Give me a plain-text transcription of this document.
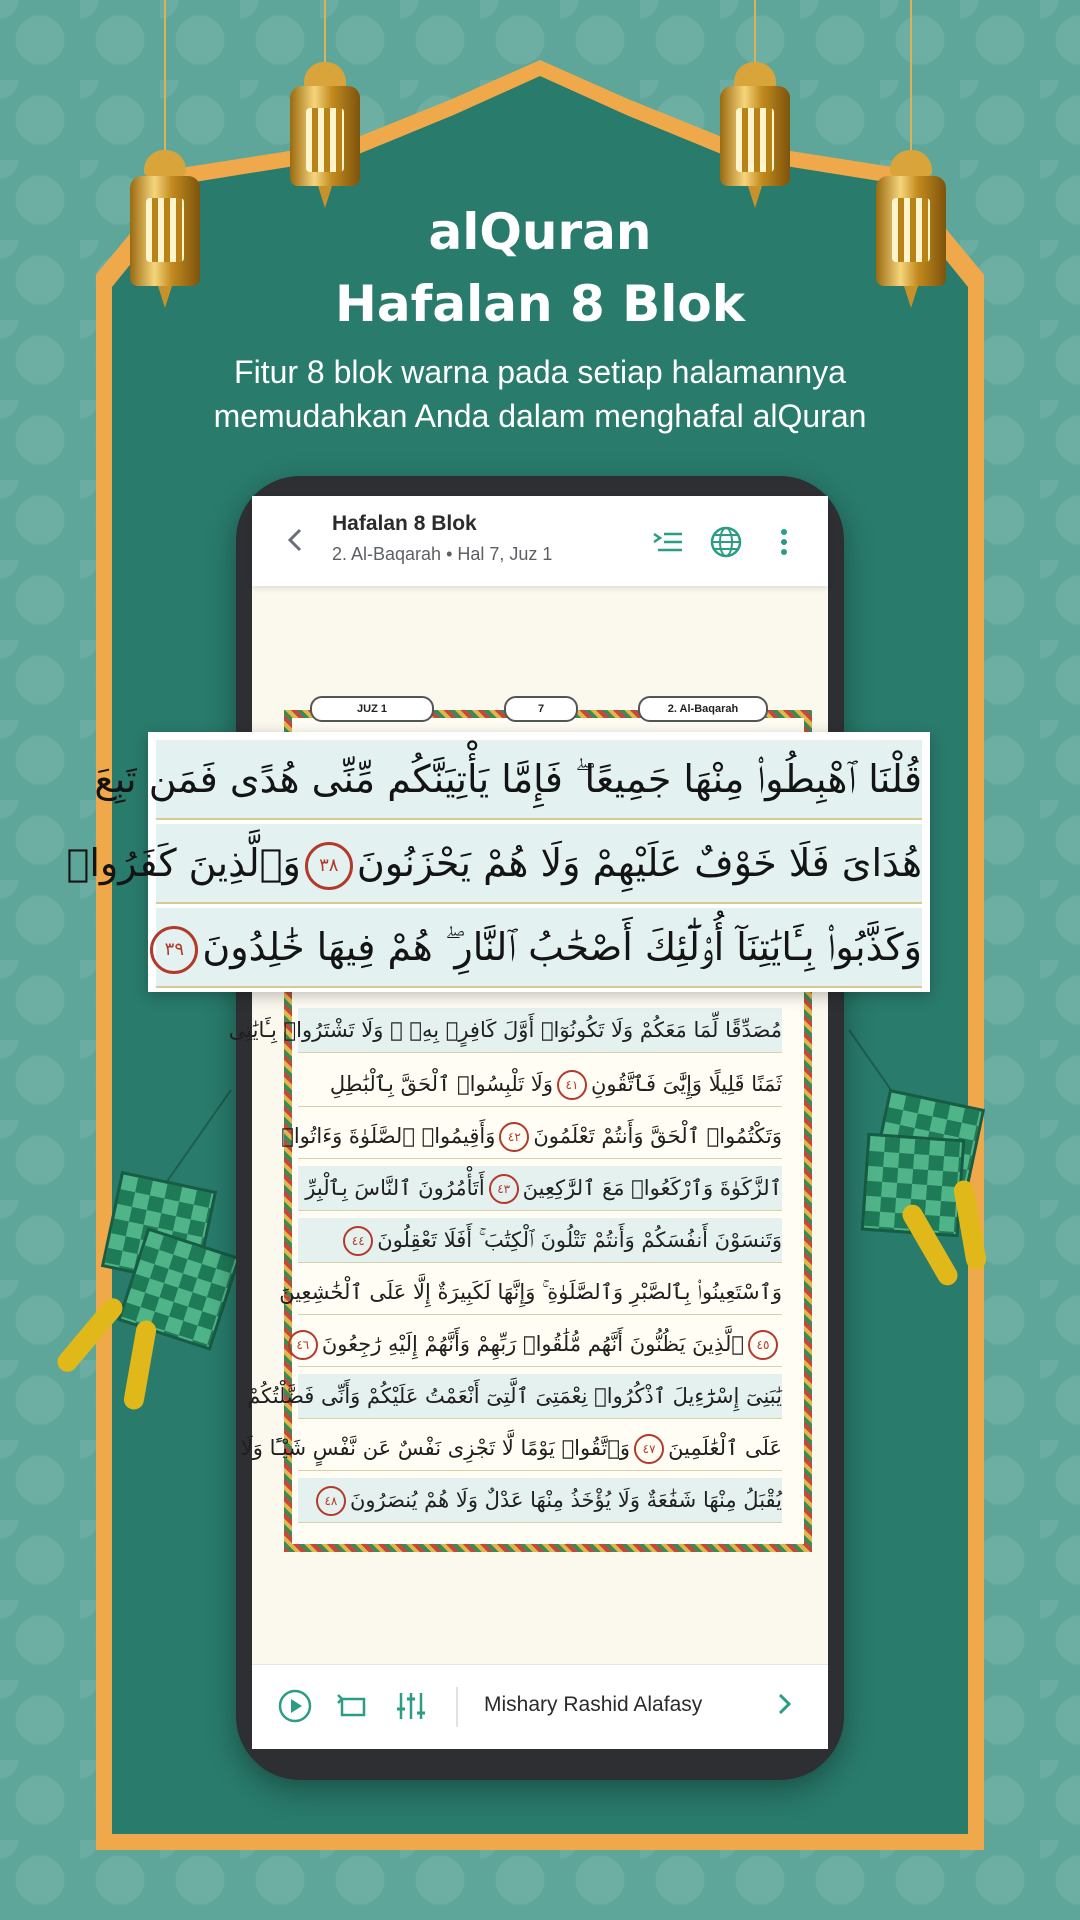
alQuran
Hafalan 8 Blok
Fitur 8 blok warna pada setiap halamannya
memudahkan Anda dalam menghafal alQuran
Hafalan 8 Blok
2. Al-Baqarah • Hal 7, Juz 1
JUZ 1	7	2. Al-Baqarah
مُصَدِّقًا لِّمَا مَعَكُمْ وَلَا تَكُونُوٓا۟ أَوَّلَ كَافِرٍۭ بِهِۦ ۖ وَلَا تَشْتَرُوا۟ بِـَٔايَٰتِى
ثَمَنًا قَلِيلًا وَإِيَّٰىَ فَٱتَّقُونِ٤١وَلَا تَلْبِسُوا۟ ٱلْحَقَّ بِٱلْبَٰطِلِ
وَتَكْتُمُوا۟ ٱلْحَقَّ وَأَنتُمْ تَعْلَمُونَ٤٢وَأَقِيمُوا۟ ٱلصَّلَوٰةَ وَءَاتُوا۟
ٱلزَّكَوٰةَ وَٱرْكَعُوا۟ مَعَ ٱلرَّٰكِعِينَ٤٣أَتَأْمُرُونَ ٱلنَّاسَ بِٱلْبِرِّ
وَتَنسَوْنَ أَنفُسَكُمْ وَأَنتُمْ تَتْلُونَ ٱلْكِتَٰبَ ۚ أَفَلَا تَعْقِلُونَ٤٤
وَٱسْتَعِينُوا۟ بِٱلصَّبْرِ وَٱلصَّلَوٰةِ ۚ وَإِنَّهَا لَكَبِيرَةٌ إِلَّا عَلَى ٱلْخَٰشِعِينَ
٤٥ٱلَّذِينَ يَظُنُّونَ أَنَّهُم مُّلَٰقُوا۟ رَبِّهِمْ وَأَنَّهُمْ إِلَيْهِ رَٰجِعُونَ٤٦
يَٰبَنِىٓ إِسْرَٰٓءِيلَ ٱذْكُرُوا۟ نِعْمَتِىَ ٱلَّتِىٓ أَنْعَمْتُ عَلَيْكُمْ وَأَنِّى فَضَّلْتُكُمْ
عَلَى ٱلْعَٰلَمِينَ٤٧وَٱتَّقُوا۟ يَوْمًا لَّا تَجْزِى نَفْسٌ عَن نَّفْسٍ شَيْـًٔا وَلَا
يُقْبَلُ مِنْهَا شَفَٰعَةٌ وَلَا يُؤْخَذُ مِنْهَا عَدْلٌ وَلَا هُمْ يُنصَرُونَ٤٨
Mishary Rashid Alafasy
قُلْنَا ٱهْبِطُوا۟ مِنْهَا جَمِيعًا ۖ فَإِمَّا يَأْتِيَنَّكُم مِّنِّى هُدًى فَمَن تَبِعَ
هُدَاىَ فَلَا خَوْفٌ عَلَيْهِمْ وَلَا هُمْ يَحْزَنُونَ٣٨وَٱلَّذِينَ كَفَرُوا۟
وَكَذَّبُوا۟ بِـَٔايَٰتِنَآ أُو۟لَٰٓئِكَ أَصْحَٰبُ ٱلنَّارِ ۖ هُمْ فِيهَا خَٰلِدُونَ٣٩
